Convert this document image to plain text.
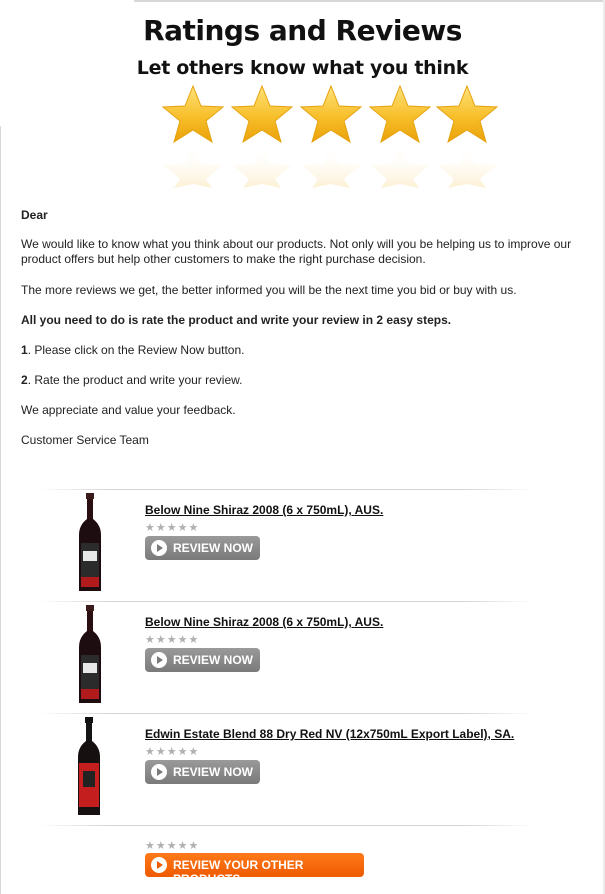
Ratings and Reviews
Let others know what you think

Dear

We would like to know what you think about our products. Not only will you be helping us to improve our product offers but help other customers to make the right purchase decision.

The more reviews we get, the better informed you will be the next time you bid or buy with us.

All you need to do is rate the product and write your review in 2 easy steps.

1. Please click on the Review Now button.

2. Rate the product and write your review.

We appreciate and value your feedback.

Customer Service Team

Below Nine Shiraz 2008 (6 x 750mL), AUS.
★★★★★
REVIEW NOW
Below Nine Shiraz 2008 (6 x 750mL), AUS.
★★★★★
REVIEW NOW
Edwin Estate Blend 88 Dry Red NV (12x750mL Export Label), SA.
★★★★★
REVIEW NOW
★★★★★
REVIEW YOUR OTHER PRODUCTS
